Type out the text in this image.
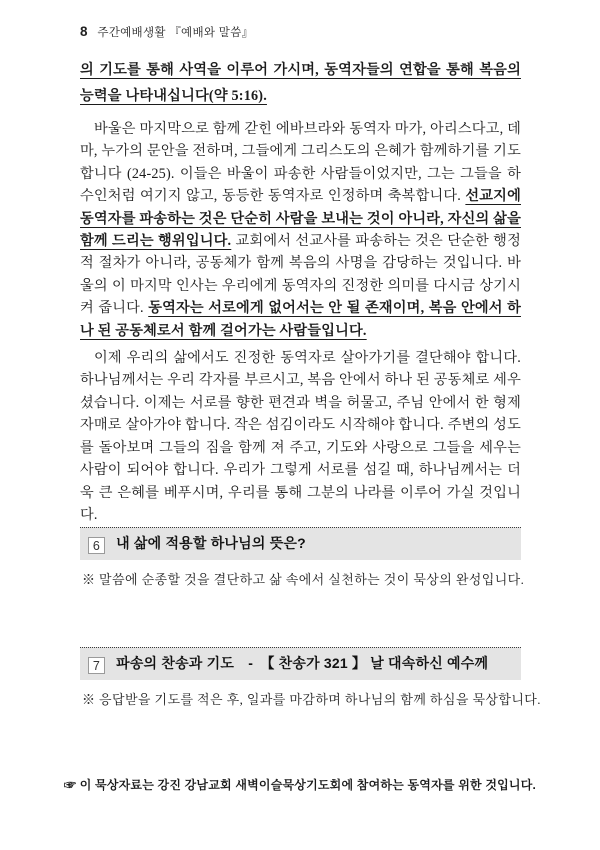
8 주간예배생활 『예배와 말씀』
의 기도를 통해 사역을 이루어 가시며, 동역자들의 연합을 통해 복음의 능력을 나타내십니다(약 5:16).
바울은 마지막으로 함께 갇힌 에바브라와 동역자 마가, 아리스다고, 데마, 누가의 문안을 전하며, 그들에게 그리스도의 은혜가 함께하기를 기도합니다 (24-25). 이들은 바울이 파송한 사람들이었지만, 그는 그들을 하수인처럼 여기지 않고, 동등한 동역자로 인정하며 축복합니다. 선교지에 동역자를 파송하는 것은 단순히 사람을 보내는 것이 아니라, 자신의 삶을 함께 드리는 행위입니다. 교회에서 선교사를 파송하는 것은 단순한 행정적 절차가 아니라, 공동체가 함께 복음의 사명을 감당하는 것입니다. 바울의 이 마지막 인사는 우리에게 동역자의 진정한 의미를 다시금 상기시켜 줍니다. 동역자는 서로에게 없어서는 안 될 존재이며, 복음 안에서 하나 된 공동체로서 함께 걸어가는 사람들입니다.
이제 우리의 삶에서도 진정한 동역자로 살아가기를 결단해야 합니다. 하나님께서는 우리 각자를 부르시고, 복음 안에서 하나 된 공동체로 세우셨습니다. 이제는 서로를 향한 편견과 벽을 허물고, 주님 안에서 한 형제자매로 살아가야 합니다. 작은 섬김이라도 시작해야 합니다. 주변의 성도를 돌아보며 그들의 짐을 함께 져 주고, 기도와 사랑으로 그들을 세우는 사람이 되어야 합니다. 우리가 그렇게 서로를 섬길 때, 하나님께서는 더욱 큰 은혜를 베푸시며, 우리를 통해 그분의 나라를 이루어 가실 것입니다.
6 내 삶에 적용할 하나님의 뜻은?
※ 말씀에 순종할 것을 결단하고 삶 속에서 실천하는 것이 묵상의 완성입니다.
7 파송의 찬송과 기도　-　【 찬송가 321 】 날 대속하신 예수께
※ 응답받을 기도를 적은 후, 일과를 마감하며 하나님의 함께 하심을 묵상합니다.
☞ 이 묵상자료는 강진 강남교회 새벽이슬묵상기도회에 참여하는 동역자를 위한 것입니다.
